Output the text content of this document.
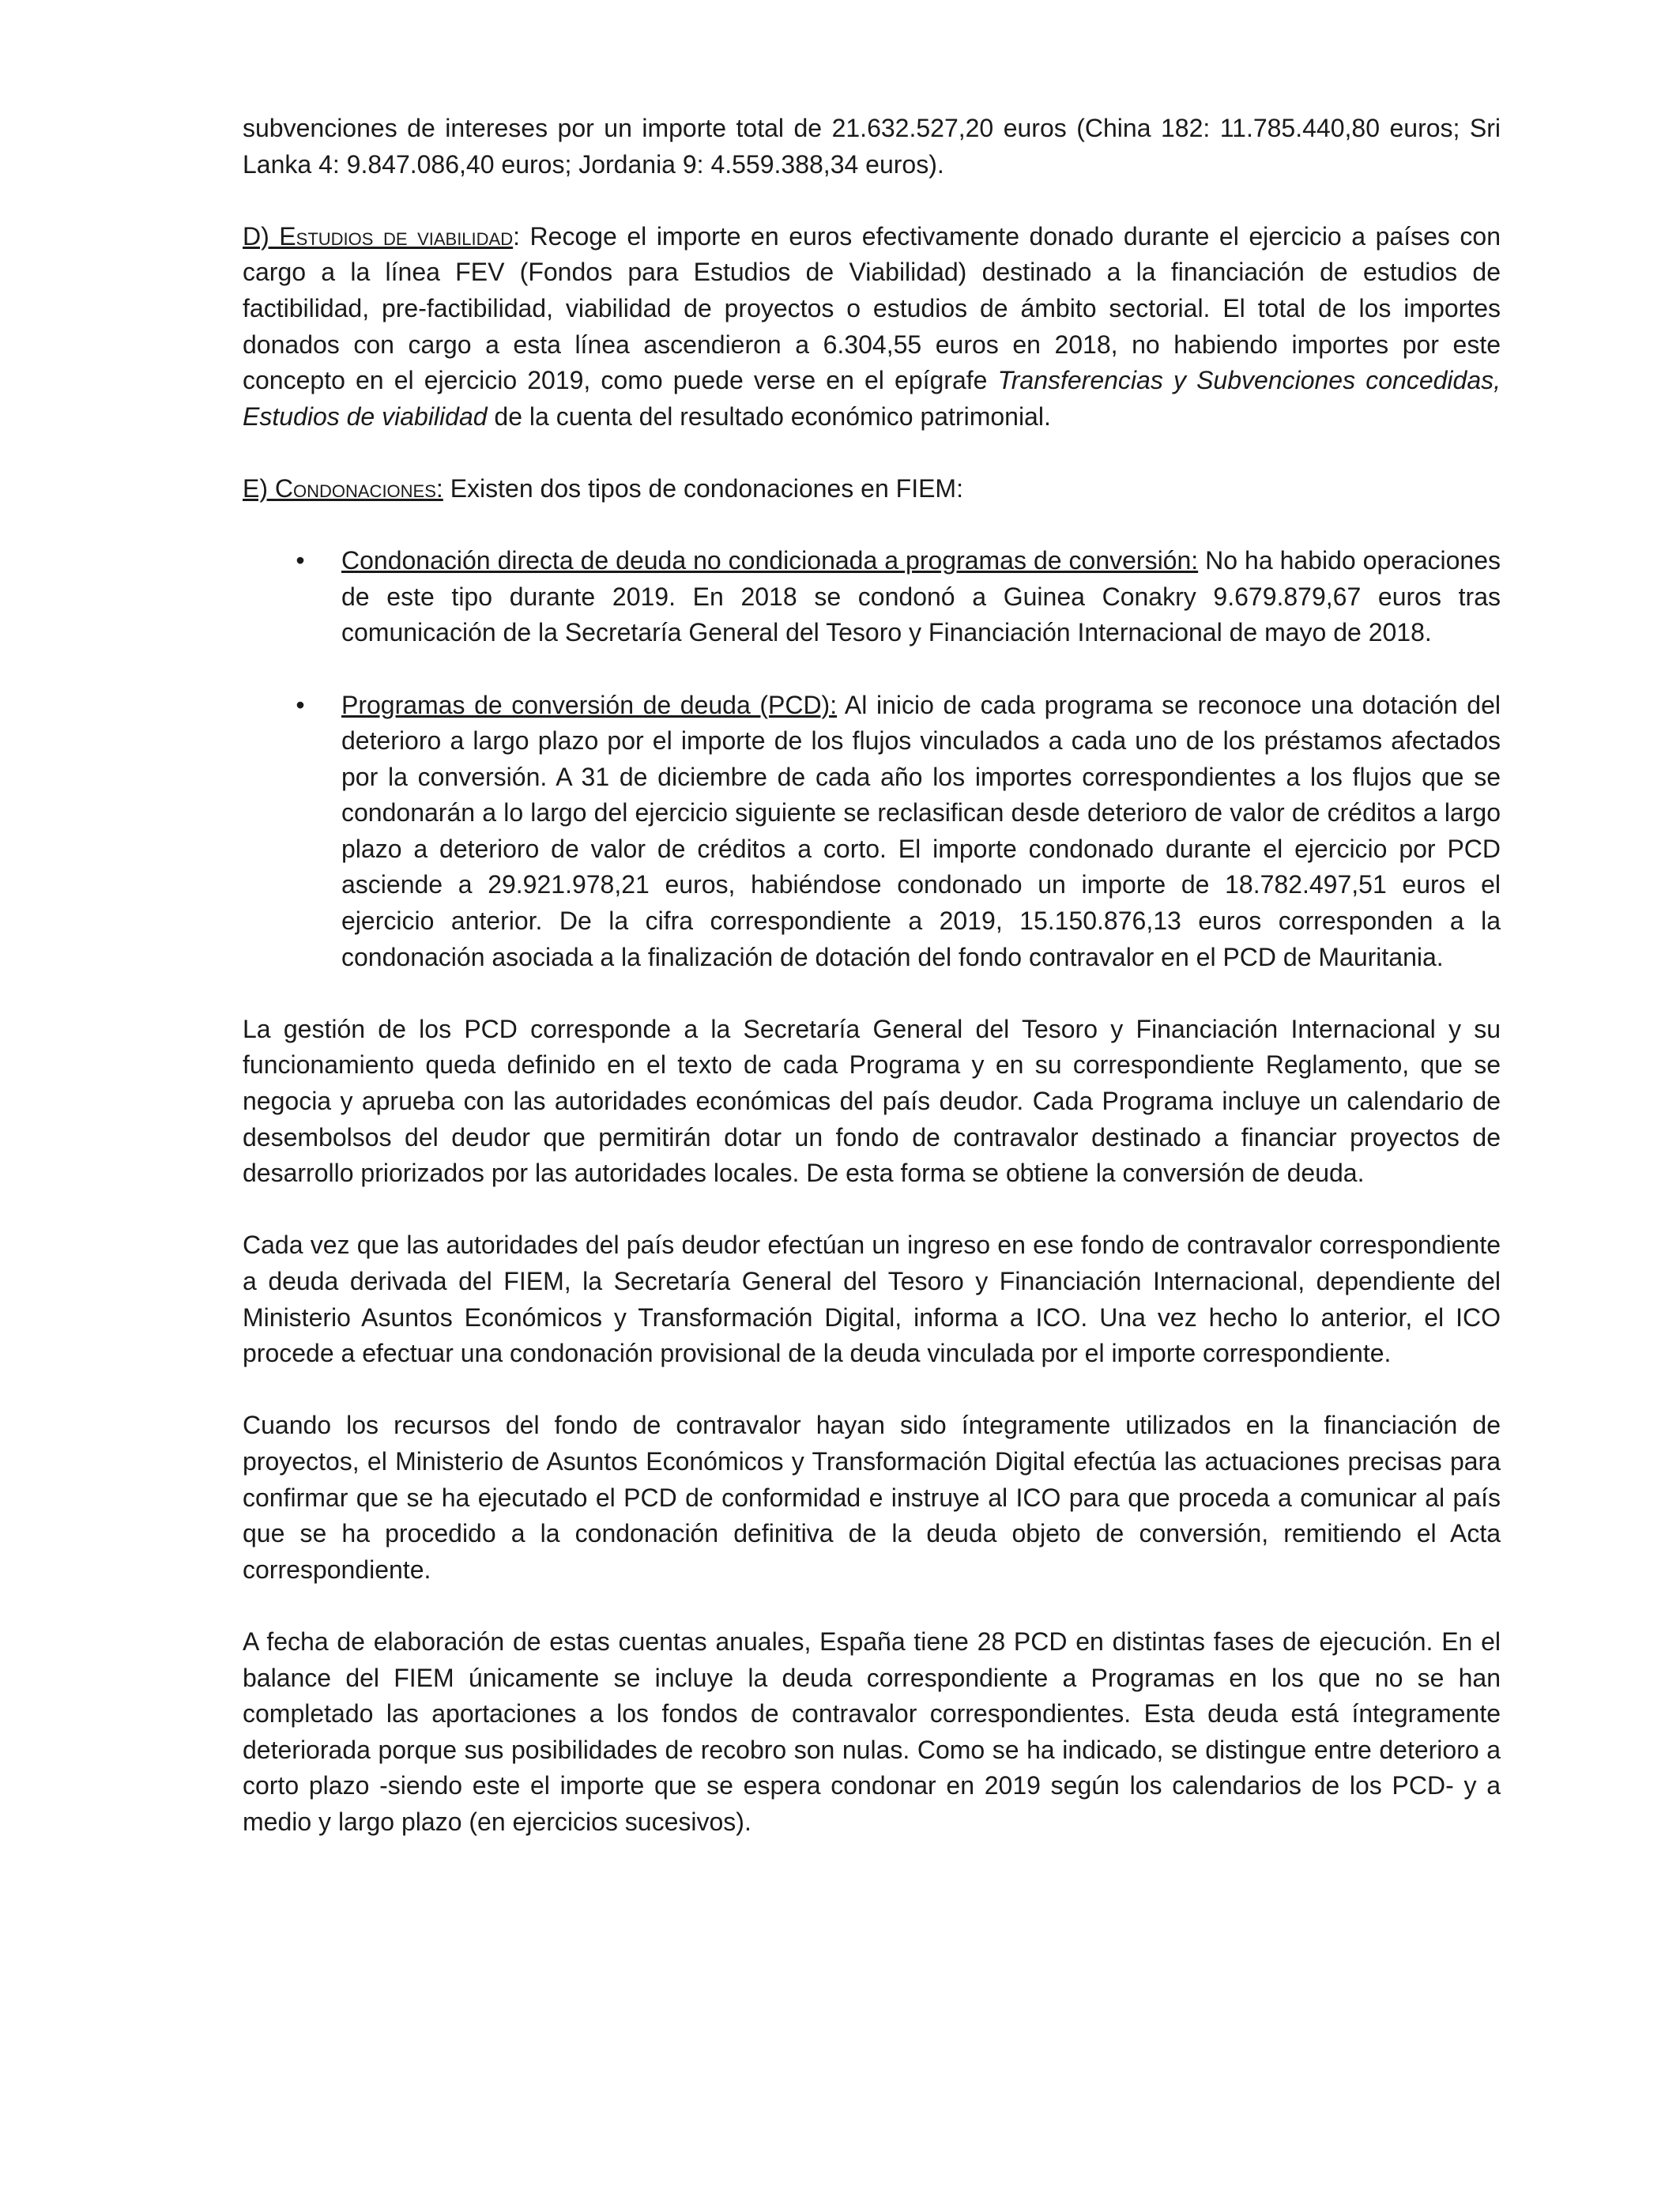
subvenciones de intereses por un importe total de 21.632.527,20 euros (China 182: 11.785.440,80 euros; Sri Lanka 4: 9.847.086,40 euros; Jordania 9: 4.559.388,34 euros).

D) Estudios de viabilidad: Recoge el importe en euros efectivamente donado durante el ejercicio a países con cargo a la línea FEV (Fondos para Estudios de Viabilidad) destinado a la financiación de estudios de factibilidad, pre-factibilidad, viabilidad de proyectos o estudios de ámbito sectorial. El total de los importes donados con cargo a esta línea ascendieron a 6.304,55 euros en 2018, no habiendo importes por este concepto en el ejercicio 2019, como puede verse en el epígrafe Transferencias y Subvenciones concedidas, Estudios de viabilidad de la cuenta del resultado económico patrimonial.

E) Condonaciones: Existen dos tipos de condonaciones en FIEM:

• Condonación directa de deuda no condicionada a programas de conversión: No ha habido operaciones de este tipo durante 2019. En 2018 se condonó a Guinea Conakry 9.679.879,67 euros tras comunicación de la Secretaría General del Tesoro y Financiación Internacional de mayo de 2018.
• Programas de conversión de deuda (PCD): Al inicio de cada programa se reconoce una dotación del deterioro a largo plazo por el importe de los flujos vinculados a cada uno de los préstamos afectados por la conversión. A 31 de diciembre de cada año los importes correspondientes a los flujos que se condonarán a lo largo del ejercicio siguiente se reclasifican desde deterioro de valor de créditos a largo plazo a deterioro de valor de créditos a corto. El importe condonado durante el ejercicio por PCD asciende a 29.921.978,21 euros, habiéndose condonado un importe de 18.782.497,51 euros el ejercicio anterior. De la cifra correspondiente a 2019, 15.150.876,13 euros corresponden a la condonación asociada a la finalización de dotación del fondo contravalor en el PCD de Mauritania.

La gestión de los PCD corresponde a la Secretaría General del Tesoro y Financiación Internacional y su funcionamiento queda definido en el texto de cada Programa y en su correspondiente Reglamento, que se negocia y aprueba con las autoridades económicas del país deudor. Cada Programa incluye un calendario de desembolsos del deudor que permitirán dotar un fondo de contravalor destinado a financiar proyectos de desarrollo priorizados por las autoridades locales. De esta forma se obtiene la conversión de deuda.

Cada vez que las autoridades del país deudor efectúan un ingreso en ese fondo de contravalor correspondiente a deuda derivada del FIEM, la Secretaría General del Tesoro y Financiación Internacional, dependiente del Ministerio Asuntos Económicos y Transformación Digital, informa a ICO. Una vez hecho lo anterior, el ICO procede a efectuar una condonación provisional de la deuda vinculada por el importe correspondiente.

Cuando los recursos del fondo de contravalor hayan sido íntegramente utilizados en la financiación de proyectos, el Ministerio de Asuntos Económicos y Transformación Digital efectúa las actuaciones precisas para confirmar que se ha ejecutado el PCD de conformidad e instruye al ICO para que proceda a comunicar al país que se ha procedido a la condonación definitiva de la deuda objeto de conversión, remitiendo el Acta correspondiente.

A fecha de elaboración de estas cuentas anuales, España tiene 28 PCD en distintas fases de ejecución. En el balance del FIEM únicamente se incluye la deuda correspondiente a Programas en los que no se han completado las aportaciones a los fondos de contravalor correspondientes. Esta deuda está íntegramente deteriorada porque sus posibilidades de recobro son nulas. Como se ha indicado, se distingue entre deterioro a corto plazo -siendo este el importe que se espera condonar en 2019 según los calendarios de los PCD- y a medio y largo plazo (en ejercicios sucesivos).
